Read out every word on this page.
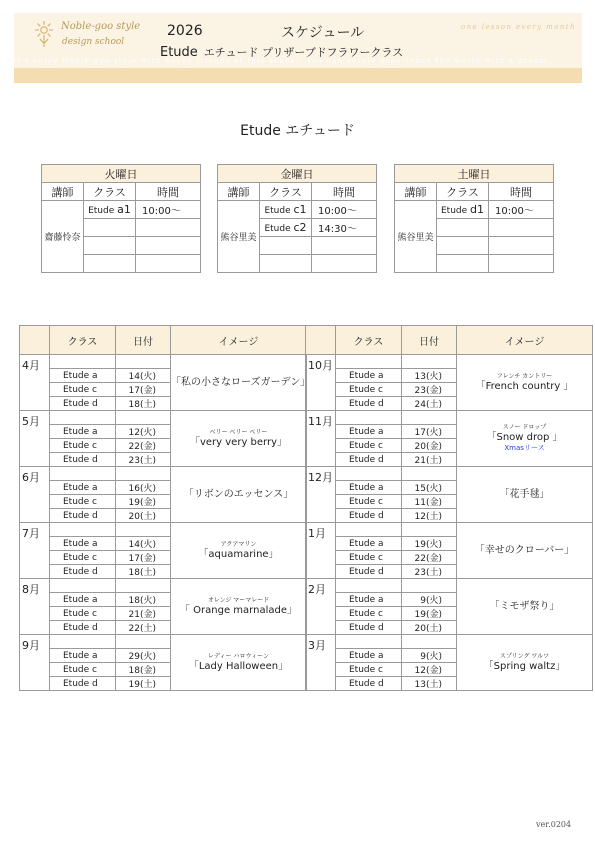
Let's enjoy Noble-goo-style with happy friends at this school. You can surely experience the world with a dream.
Noble-goo style
design school
2026	スケジュール
Etude エチュード プリザーブドフラワークラス
one lesson every month
Etude エチュード
火曜日		
講師	クラス	時間
齋藤怜奈	Etude a1	10:00〜

金曜日		
講師	クラス	時間
熊谷里美	Etude c1	10:00〜
	Etude c2	14:30〜

土曜日		
講師	クラス	時間
熊谷里美	Etude d1	10:00〜

	クラス	日付	イメージ
4月			「私の小さなローズガーデン」
	Etude a	14(火)	
	Etude c	17(金)	
	Etude d	18(土)	
5月			ベリー ベリー ベリー
「very very berry」
	Etude a	12(火)	
	Etude c	22(金)	
	Etude d	23(土)	
6月			「リボンのエッセンス」
	Etude a	16(火)	
	Etude c	19(金)	
	Etude d	20(土)	
7月			アクアマリン
「aquamarine」
	Etude a	14(火)	
	Etude c	17(金)	
	Etude d	18(土)	
8月			オレンジ マーマレード
「 Orange marnalade」
	Etude a	18(火)	
	Etude c	21(金)	
	Etude d	22(土)	
9月			レディー ハロウィーン
「Lady Halloween」
	Etude a	29(火)	
	Etude c	18(金)	
	Etude d	19(土)	
	クラス	日付	イメージ
10月			フレンチ カントリー
「French country 」
	Etude a	13(火)	
	Etude c	23(金)	
	Etude d	24(土)	
11月			スノー ドロップ
「Snow drop 」
Xmasリース

	Etude a	17(火)	
	Etude c	20(金)	
	Etude d	21(土)	
12月			「花手毬」
	Etude a	15(火)	
	Etude c	11(金)	
	Etude d	12(土)	
1月			「幸せのクローバー」
	Etude a	19(火)	
	Etude c	22(金)	
	Etude d	23(土)	
2月			「ミモザ祭り」
	Etude a	9(火)	
	Etude c	19(金)	
	Etude d	20(土)	
3月			スプリング ワルツ
「Spring waltz」
	Etude a	9(火)	
	Etude c	12(金)	
	Etude d	13(土)	
ver.0204
